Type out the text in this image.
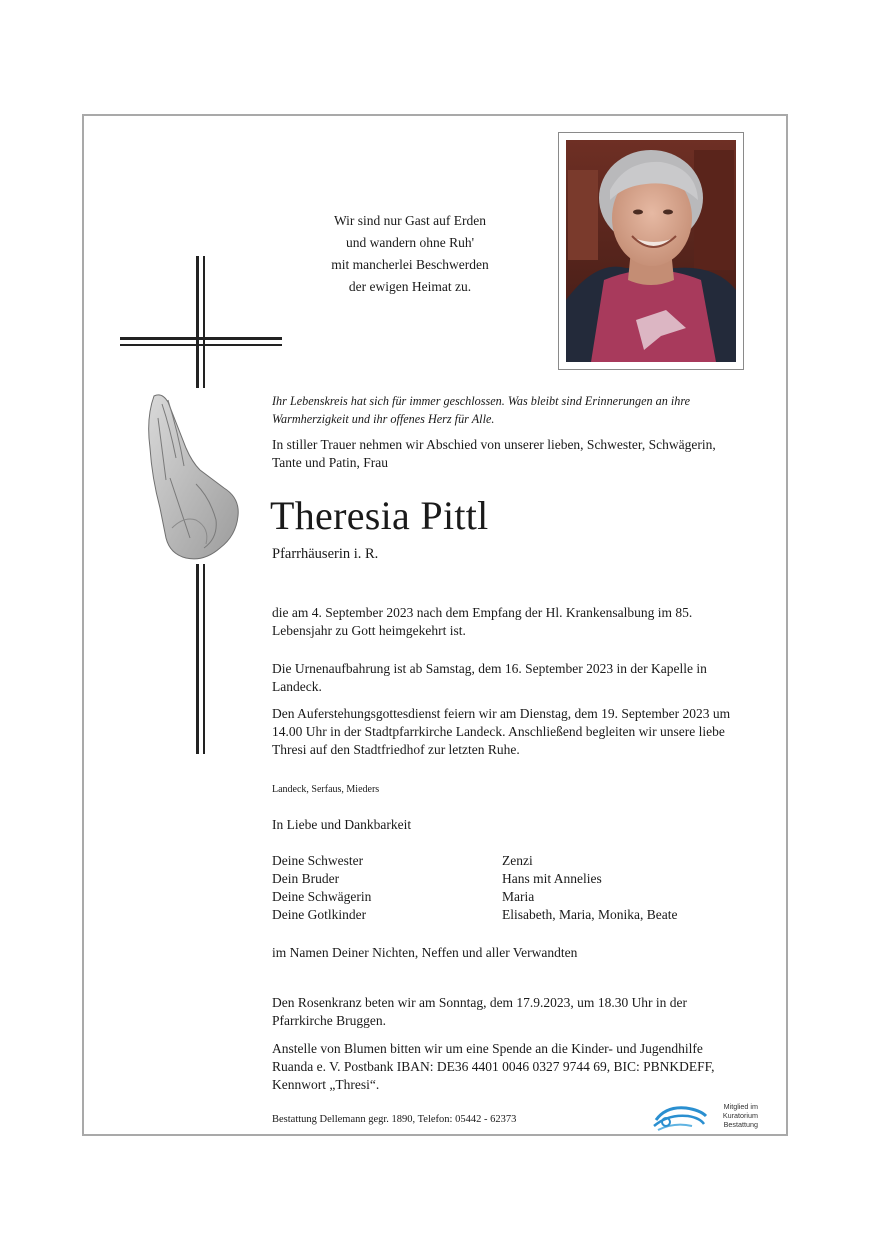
Wir sind nur Gast auf Erden
und wandern ohne Ruh'
mit mancherlei Beschwerden
der ewigen Heimat zu.
Ihr Lebenskreis hat sich für immer geschlossen. Was bleibt sind Erinnerungen an ihre Warmherzigkeit und ihr offenes Herz für Alle.
In stiller Trauer nehmen wir Abschied von unserer lieben, Schwester, Schwägerin, Tante und Patin, Frau
Theresia Pittl
Pfarrhäuserin i. R.
die am 4. September 2023 nach dem Empfang der Hl. Krankensalbung im 85. Lebensjahr zu Gott heimgekehrt ist.
Die Urnenaufbahrung ist ab Samstag, dem 16. September 2023 in der Kapelle in Landeck.
Den Auferstehungsgottesdienst feiern wir am Dienstag, dem 19. September 2023 um 14.00 Uhr in der Stadtpfarrkirche Landeck. Anschließend begleiten wir unsere liebe Thresi auf den Stadtfriedhof zur letzten Ruhe.
Landeck, Serfaus, Mieders
In Liebe und Dankbarkeit
Deine Schwester	Zenzi
Dein Bruder	Hans mit Annelies
Deine Schwägerin	Maria
Deine Gotlkinder	Elisabeth, Maria, Monika, Beate
im Namen Deiner Nichten, Neffen und aller Verwandten
Den Rosenkranz beten wir am Sonntag, dem 17.9.2023, um 18.30 Uhr in der Pfarrkirche Bruggen.
Anstelle von Blumen bitten wir um eine Spende an die Kinder- und Jugendhilfe Ruanda e. V. Postbank IBAN: DE36 4401 0046 0327 9744 69, BIC: PBNKDEFF, Kennwort „Thresi“.
Bestattung Dellemann gegr. 1890, Telefon: 05442 - 62373
Mitglied im
Kuratorium Bestattung
